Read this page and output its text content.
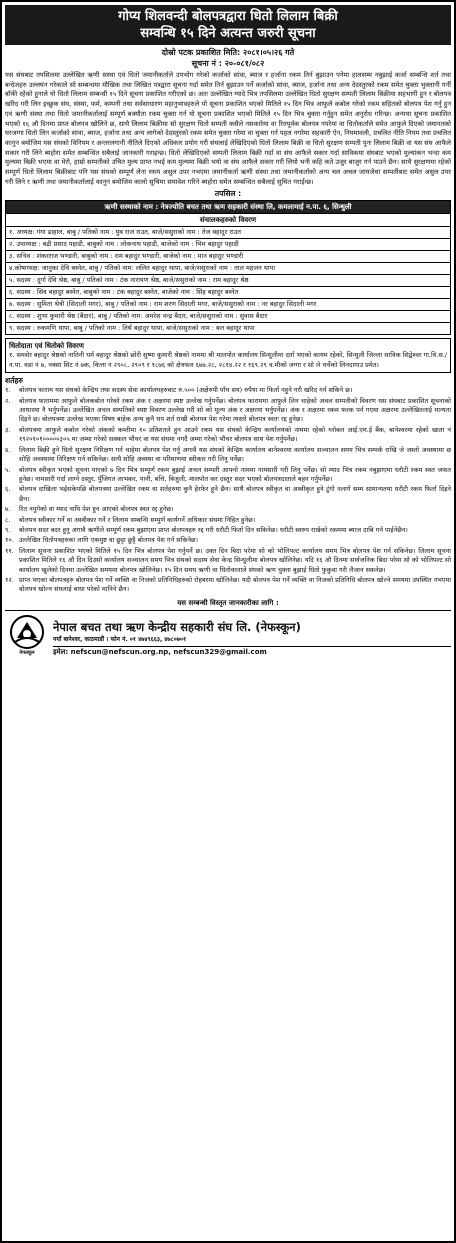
गोप्य शिलवन्दी बोलपत्रद्वारा धितो लिलाम बिक्री
सम्वन्धि १५ दिने अत्यन्त जरुरी सूचना
दोस्रो पटक प्रकाशित मिति: २०८१।०५।२६ गते
सूचना नं : २०-०८१/०८२
यस संघबाट तपसिलमा उल्लेखित ऋणी सस्था एवं धितो जमानीकर्ताले उपभोग गरेको कर्जाको सांवा, ब्याज र हर्जाना रकम तिर्न बुझाउन पनेमा हालसम्म नबुझाई कर्जा सम्बन्धि शर्त तथा बन्देजहरु उल्लघंन गरेकाले सो सम्बन्धमा मौखिक तथा लिखित पत्रद्वारा सूचना गर्दा समेत तिर्न बुझाउन पर्ने कर्जाको सांवा, ब्याज, हर्जाना तथा अन्य देदस्तुरको रकम समेत चुक्ता भुक्तानी गर्नी बाँकी रहेको हुनाले यो धितो लिलाम सम्बन्धी १५ दिने सूचना प्रकाशित गरीएको छ। अतः उल्लेखित ग्यादे भित्र तपसिलमा उल्लेखित धितो सुरक्षण सम्पती लिलाम बिक्रीमा सहभागी हुन र बोलपत्र खरिद गरी लिन इच्छुक संघ, संस्था, फर्म, कम्पनी तथा सर्वसाधारण महानुभावहरुले यो सूचना प्रकाशित भएको मितिले १५ दिन भित्र आफुले कबोल गरेको रकम सहितको बोलपत्र पेश गर्नु हुन एवं ऋणी संस्था तथा धितो जमानीकर्तालाई सम्पूर्ण बक्यौता रकम चुक्ता गर्न यो सूचना प्रकाशित भएको मितिले १५ दिन भित्र चुक्ता गर्नुहुन समेत अनुरोध गरिन्छ। अन्यथा सूचना प्रकाशित भएको १६ औ दिनमा प्राप्त बोलपत्र खोलिने छ, साथै लिलाम बिक्रीमा सो सुरक्षण धितो सम्पती कसैले नसकारेमा वा रितपूर्वक बोलपत्र नपरेमा वा धितोकर्ताले समेत आफुले दिएको जमानतको घरजग्गा धितो लिन कर्जाको सांवा, ब्याज, हर्जाना तथा अन्य लागेको देदस्तुरको रकम समेत चुक्ता गरेमा वा चुक्ता गर्न पहल नगरेमा सहकारी ऐन, नियमावली, प्रचलित नीति नियम तथा प्रचलित कानुन बमोजिम यस संघको विनियम र अन्तरलगानी नीतिले दिएको अधिकार प्रयोग गरी संघलाई लेखिदिएको धितो लिलाम बिक्री वा धितो सुरक्षण सम्पती पुनः लिलाम बिक्री वा यस संघ आफैले सकार गरी लिने ब्यहोरा समेत सम्बन्धित सबैलाई जानकारी गराइन्छ। धितो लेखिदिएको सम्पती लिलाम बिक्री गर्दा वा संघ आफैले सकार गर्दा साविकमा संघबाट भएको मुल्यांकन भन्दा कम मुल्यमा बिक्री भएमा वा मेरो, हाम्रो सम्पतीको उचित मुल्य प्राप्त नभई कम मुल्यमा बिक्री भयो वा संघ आफैले सकार गरी लियो भनी कहि कते उजुर बाजुर गर्न पाउने छैन। साथै सुरक्षणमा रहेको सम्पूर्ण धितो लिलाम बिक्रीबाट पनि यस संघको सम्पूर्ण लेना रकम असुल उपर नभएमा जमानीकर्ता ऋणी संस्था तथा जमानीकर्ताको अन्य चल अचल जायजेथा सम्पतीबाट समेत असुल उपर गरी लिने र ऋणी तथा जमानीकर्तालाई कानुन बमोजिम कालो सुचिमा समावेश गरिने ब्यहोरा समेत सम्बन्धित सबैलाई सुचित गराईन्छ।
तपसिल :
ऋणी सस्थाको नाम : नेत्रज्योति बचत तथा ऋण सहकारी संस्था लि, कमलामाई न.पा. ६, सिन्धुली
संचालकहरुको विवरण
१. अध्यक्ष: गंगा ढाहाल, बाबु / पतिको नाम : युब राज राउत, बाजे/ससुराको नाम : तेज बहादुर राउत
२. उपाध्यक्ष : बद्री प्रसाद पहाडी, बाबुको नाम : लोकनाथ पहाडी, बाजेको नाम : भिम बहादुर पहाडी
३. सचिव : शंकरराज भण्डारी, बाबुको नाम : राम बहादुर भण्डारी, बाजेको नाम : मान बहादुर भण्डारी
४.कोषाध्यक्ष: जानुका देवि बस्नेत, बाबु / पतिको नाम: ललित बहादुर थापा, बाजे/ससुराको नाम : ताल महजन थापा
५. सदस्य : दुर्गा देवि श्रेष्ठ, बाबु / पतिको नाम : टंक नारायण श्रेष्ठ, बाजे/ससुराको नाम : राम बहादुर श्रेष्ठ
६. सदस्य : सिव बहादुर बस्नेत, बाबुको नाम : टंक बहादुर बस्नेत, बाजेको नाम : सिंह बहादुर बस्नेत
७. सदस्य : सुमिता श्रेत्री (सिदाली मगर), बाबु / पतिको नाम : राम शरण सिदाली मगर, बाजे/ससुराको नाम : नर बहादुर सिदाली मगर
८. सदस्य : शुभा कुमारी श्रेष्ठ (बैदार), बाबु / पतिको नाम: अमरेश चन्द्र बैदार, बाजे/ससुराको नाम : सुवास बैदार
९. सदस्य : रुकमणि थापा, बाबु / पतिको नाम : तिर्थ बहादुर थापा, बाजे/ससुराको नाम : बल बहादुर थापा
धितोदाता एवं धितोको विवरण
१. समसेर बहादुर श्रेष्ठको नातिनी धर्म बहादुर श्रेष्ठको छोरी सुष्मा कुमारी श्रेष्ठको नाममा श्री मालपोत कार्यालय सिन्धुलीमा दर्ता भएको कायम रहेको, सिन्धुली जिल्ला साविक सिद्वेश्वर गा.वि.स./न.पा. वडा नं ७, नक्सा सिट नं ७क, कित्ता नं २९०८, २९०९ र १८७६ को क्षेत्रफल ६७७.२८, २८१४.२२ र १६९.२९ व.मीको जग्गा र सो ले चर्चेको लिनदागाउ प्रमेत।
शर्तहरु
१.	बोलपत्र फाराम यस संघको केन्द्रिय तथा सदस्य सेवा कार्यालयहरुबाट रु.५०० (अक्षेरुपी पाँच सय) रुपैया मा फिर्ता नहुने गरी खरिद गर्न सकिने छ।
२.	बोलपत्र फाराममा आफुले बोलकबोल गरेको रकम अंक र अक्षरमा स्पष्ट उल्लेख गर्नुपर्नेछ। बोलपत्र फाराममा आफुले लिन चाहेको अचल सम्पतीको विवरण यस संघबाट प्रकाशित सूचनाको आधारमा नै भर्नुपर्नेछ। उल्लेखित अचल सम्पतिको स्पष्ट विवरण उल्लेख गरी सो को मूल्य अंक र अक्षरमा भर्नुपर्नेछ। अंक र अक्षरमा रकम फरक पर्न गएमा अक्षरमा उल्लेखितलाई मान्यता दिइने छ। बोलपत्रमा उल्लेख भएका विषय बाहेक अन्य कुनै थप शर्त राखी बोलपत्र पेश गरेमा त्यस्तो बोलपत्र स्वतः रद्द हुनेछ।
३.	बोलपत्रमा आफुले कबोल गरेको अंकको कम्तीमा १० प्रतिशतले हुन आउने रकम यस संघको केन्द्रिय कार्यालयको नाममा रहेको ग्लोबल आई.एम.ई बैंक, बानेश्वरमा रहेको खाता नं १९२०१०१०००००३०५ मा जम्मा गरेको सक्कल भौचर वा यस संघमा नगदै जम्मा गरेको भौचर बोलपत्र साथ पेश गर्नुपर्नेछ।
४.	लिलाम बिक्री हुने धितो सुरक्षण निरिक्षण गर्न चाहेमा बोलपत्र पेश गर्नु अगावै यस संघको केन्द्रिय कार्यालय बानेश्वरमा कार्यालय सञ्चालन समय भित्र सम्पर्क राखि जे जस्तो अवस्थामा छ सोहि अवस्थामा निरिक्षण गर्न सकिनेछ। साथै सोहि अवस्था वा परिमाणमा स्वीकार गरी लिनु पर्नेछ।
५.	बोलपत्र स्वीकृत भएको सूचना पाएको ७ दिन भित्र सम्पूर्ण रकम बुझाई अचल सम्पती आफ्नो नाममा नामसारी गरी लिनु पर्नेछ। सो म्याद भित्र रकम नबुझाएमा धरौटी रकम स्वत जफत हुनेछ। नामसारी गर्दा लाग्ने दस्तुर, पुँजिगत लाभकर, पानी, बत्ति, बिजुली, मालपोत कर दस्तुर सदर भएको बोलपत्रदाताले बहन गर्नुपर्नेछ।
६.	बोलपत्र दाखिला भईसकेपछि बोलपत्रमा उल्लेखित रकम वा शर्तहरुमा कुनै हेरफेर हुने छैन। साथै बोलपत्र स्वीकृत वा अस्वीकृत हुने टुंगो नलागे सम्म सामान्यतया धरौटी रकम फिर्ता दिइने छैन।
७.	रित नपुगेको वा म्याद नाघि पेश हुन आएको बोलपत्र स्वत रद्द हुनेछ।
८.	बोलपत्र स्वीकार गर्ने वा अस्वीकार गर्ने र लिलाम सम्बन्धि सम्पुर्ण कार्यगर्ने अधिकार संघमा निहित हुनेछ।
९.	बोलपत्र सदर बदर हुनु अगावै ऋणीले सम्पूर्ण रकम बुझाएमा प्राप्त बोलपत्रहरु रद्द गरी धरौटी फिर्ता दिन सकिनेछ। धरौटी स्वरुप राखेको रकममा ब्याज दाबि गर्न पाईनेछैन।
१०. उल्लेखित धितोपत्रहरुका लागि एकमुष्ट वा छुट्टा छुट्टै बोलपत्र पेश गर्न सकिनेछ।
११. लिलाम सूचना प्रकाशित भएको मितिले १५ दिन भित्र बोलपत्र पेश गर्नुपर्ने छ। उक्त दिन बिदा परेमा सो को भोलिपल्ट कार्यालय समय भित्र बोलपत्र पेश गर्न सकिनेछ। लिलाम सूचना प्रकाशित मितिले १६ औ दिन दिउसो कार्यालय सञ्चालन समय भित्र संघको सदस्य सेवा केन्द्र सिन्धुलीमा बोलपत्र खोलिनेछ। यदि १६ औ दिनमा सार्वजनिक बिदा परेमा सो को भोलिपल्ट सो कार्यालय खुलेको दिनमा उल्लेखित समयमा बोलपत्र खोलिनेछ। १५ दिन समय ऋणी वा धितोवालाले संघको ऋण चुक्ता बुझाई धितो फुकुवा गरी लैजान सकनेछ।
१२. प्राप्त भएका बोलपत्रहरु बोलपत्र पेश गर्ने व्यक्ति वा निजको प्रतिनिधिहरुको रोहबरमा खोलिनेछ। यदी बोलपत्र पेश गर्ने व्यक्ति वा निजको प्रतिनिधि बोलपत्र खोल्ने समयमा उपस्थित नभएमा बोलपत्र खोल्न संघलाई बाधा परेको मानिने छैन।
यस सम्बन्धी विस्तृत जानकारीका लागि :
नेफस्कून
नेपाल बचत तथा ऋण केन्द्रीय सहकारी संघ लि. (नेफस्कून)
नयाँ बानेश्वर, काठमाडौं । फोन नं. ०१ ४७४९६६३, ४७८०७०१
इमेल: nefscun@nefscun.org.np, nefscun329@gmail.com
